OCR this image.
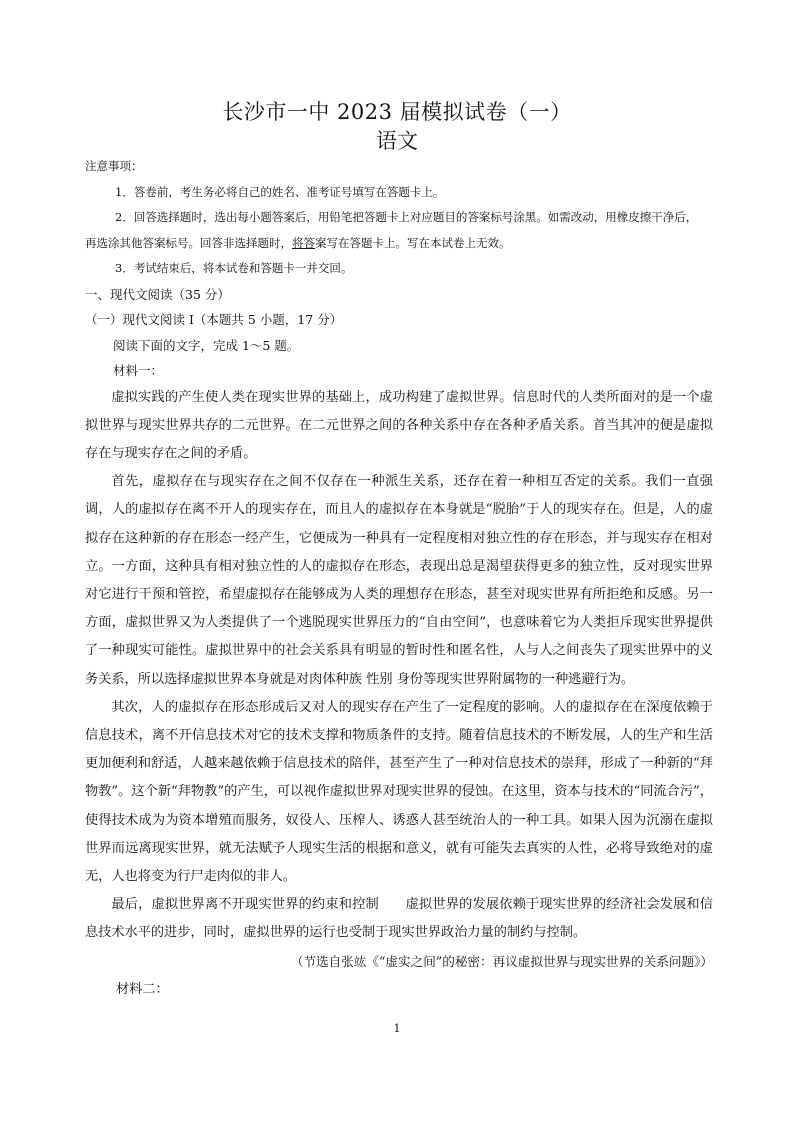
长沙市一中 2023 届模拟试卷（一）
语文
注意事项：
1．答卷前，考生务必将自己的姓名、准考证号填写在答题卡上。
2．回答选择题时，选出每小题答案后，用铅笔把答题卡上对应题目的答案标号涂黑。如需改动，用橡皮擦干净后，
再选涂其他答案标号。回答非选择题时，将答案写在答题卡上。写在本试卷上无效。
3．考试结束后，将本试卷和答题卡一并交回。
一、现代文阅读（35 分）
（一）现代文阅读 I（本题共 5 小题，17 分）
阅读下面的文字，完成 1～5 题。
材料一：

虚拟实践的产生使人类在现实世界的基础上，成功构建了虚拟世界。信息时代的人类所面对的是一个虚拟世界与现实世界共存的二元世界。在二元世界之间的各种关系中存在各种矛盾关系。首当其冲的便是虚拟存在与现实存在之间的矛盾。

首先，虚拟存在与现实存在之间不仅存在一种派生关系，还存在着一种相互否定的关系。我们一直强调，人的虚拟存在离不开人的现实存在，而且人的虚拟存在本身就是“脱胎”于人的现实存在。但是，人的虚拟存在这种新的存在形态一经产生，它便成为一种具有一定程度相对独立性的存在形态，并与现实存在相对立。一方面，这种具有相对独立性的人的虚拟存在形态，表现出总是渴望获得更多的独立性，反对现实世界对它进行干预和管控，希望虚拟存在能够成为人类的理想存在形态，甚至对现实世界有所拒绝和反感。另一方面，虚拟世界又为人类提供了一个逃脱现实世界压力的“自由空间”，也意味着它为人类拒斥现实世界提供了一种现实可能性。虚拟世界中的社会关系具有明显的暂时性和匿名性，人与人之间丧失了现实世界中的义务关系，所以选择虚拟世界本身就是对肉体种族 性别 身份等现实世界附属物的一种逃避行为。

其次，人的虚拟存在形态形成后又对人的现实存在产生了一定程度的影响。人的虚拟存在在深度依赖于信息技术，离不开信息技术对它的技术支撑和物质条件的支持。随着信息技术的不断发展，人的生产和生活更加便利和舒适，人越来越依赖于信息技术的陪伴，甚至产生了一种对信息技术的崇拜，形成了一种新的“拜物教”。这个新“拜物教”的产生，可以视作虚拟世界对现实世界的侵蚀。在这里，资本与技术的“同流合污”，使得技术成为为资本增殖而服务，奴役人、压榨人、诱惑人甚至统治人的一种工具。如果人因为沉溺在虚拟世界而远离现实世界，就无法赋予人现实生活的根据和意义，就有可能失去真实的人性，必将导致绝对的虚无，人也将变为行尸走肉似的非人。

最后，虚拟世界离不开现实世界的约束和控制　　虚拟世界的发展依赖于现实世界的经济社会发展和信息技术水平的进步，同时，虚拟世界的运行也受制于现实世界政治力量的制约与控制。

（节选自张竑《“虚实之间”的秘密：再议虚拟世界与现实世界的关系问题》）

材料二：

1
